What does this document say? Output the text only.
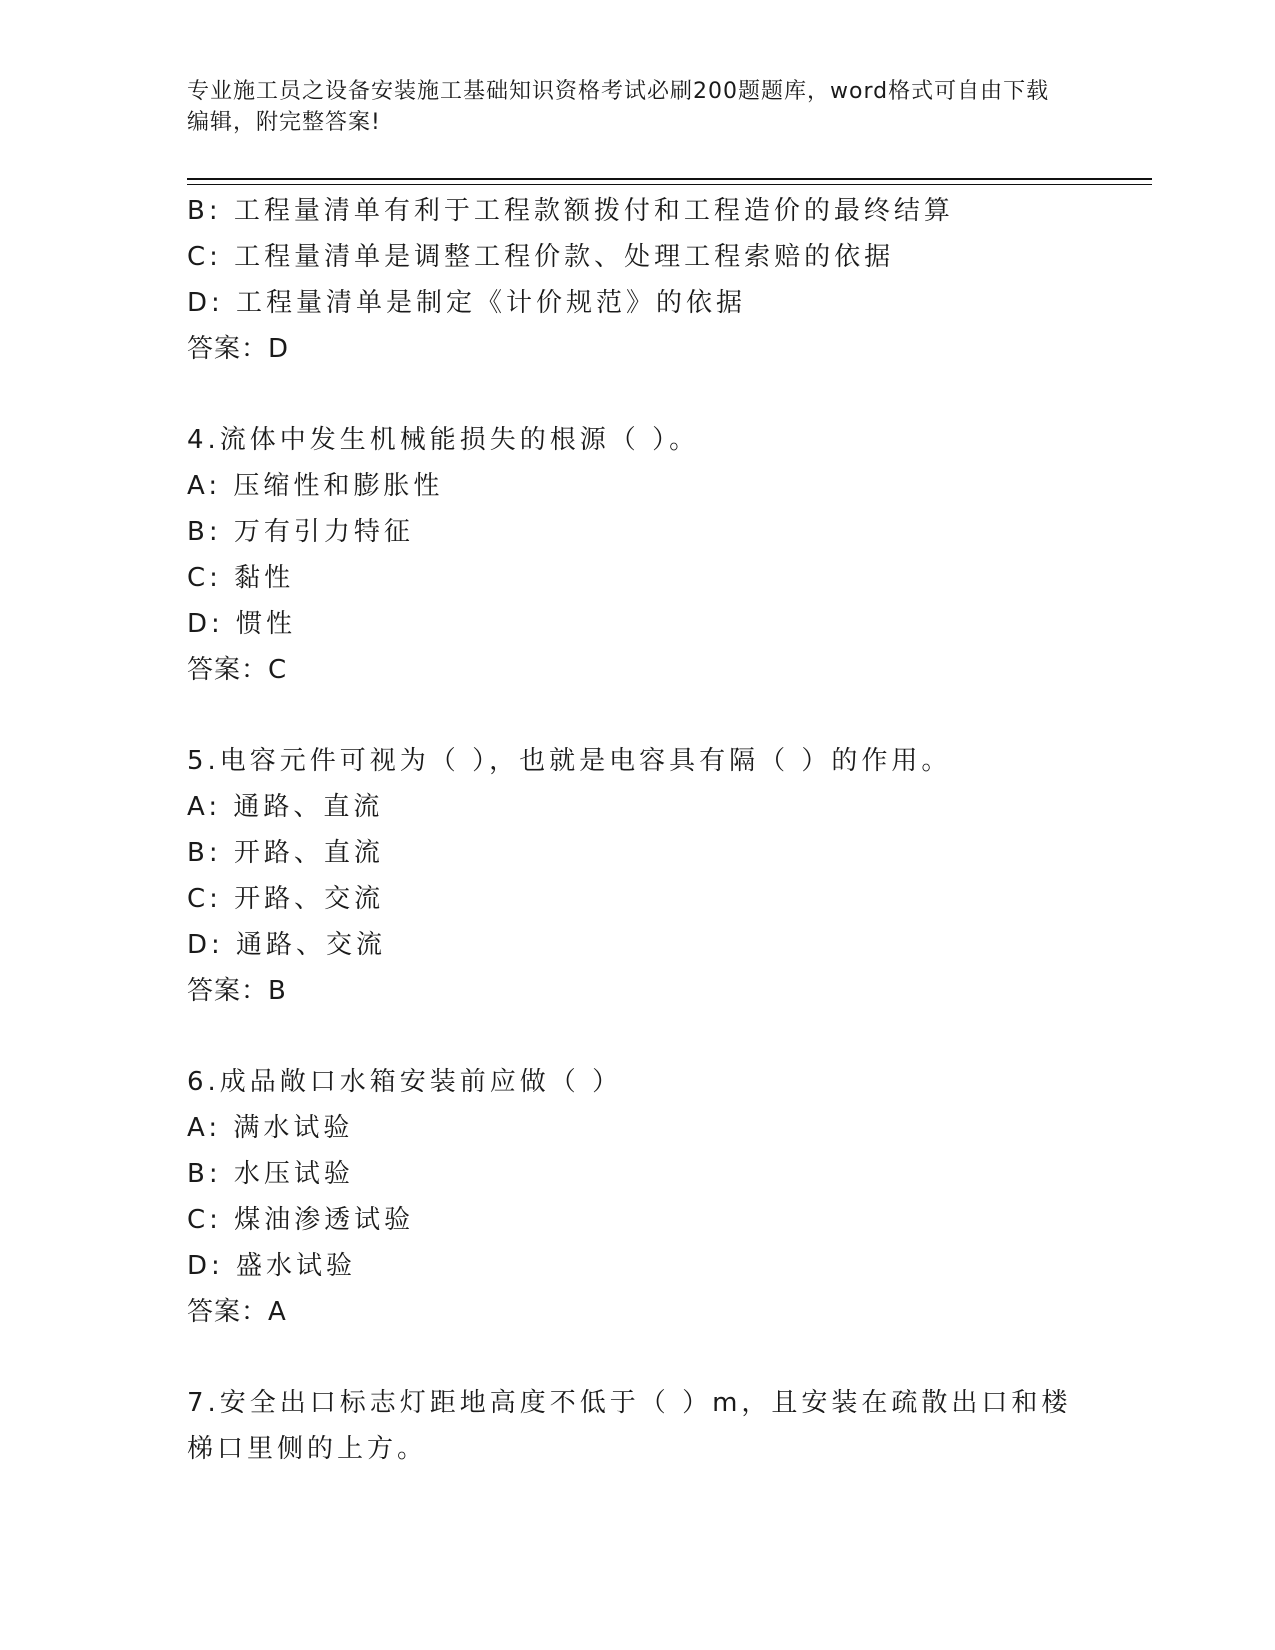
专业施工员之设备安装施工基础知识资格考试必刷200题题库，word格式可自由下载编辑，附完整答案!
B: 工程量清单有利于工程款额拨付和工程造价的最终结算
C: 工程量清单是调整工程价款、处理工程索赔的依据
D: 工程量清单是制定《计价规范》的依据
答案：D
4.流体中发生机械能损失的根源（ ）。
A: 压缩性和膨胀性
B: 万有引力特征
C: 黏性
D: 惯性
答案：C
5.电容元件可视为（ ），也就是电容具有隔（ ）的作用。
A: 通路、直流
B: 开路、直流
C: 开路、交流
D: 通路、交流
答案：B
6.成品敞口水箱安装前应做（ ）
A: 满水试验
B: 水压试验
C: 煤油渗透试验
D: 盛水试验
答案：A
7.安全出口标志灯距地高度不低于（ ）m，且安装在疏散出口和楼梯口里侧的上方。
